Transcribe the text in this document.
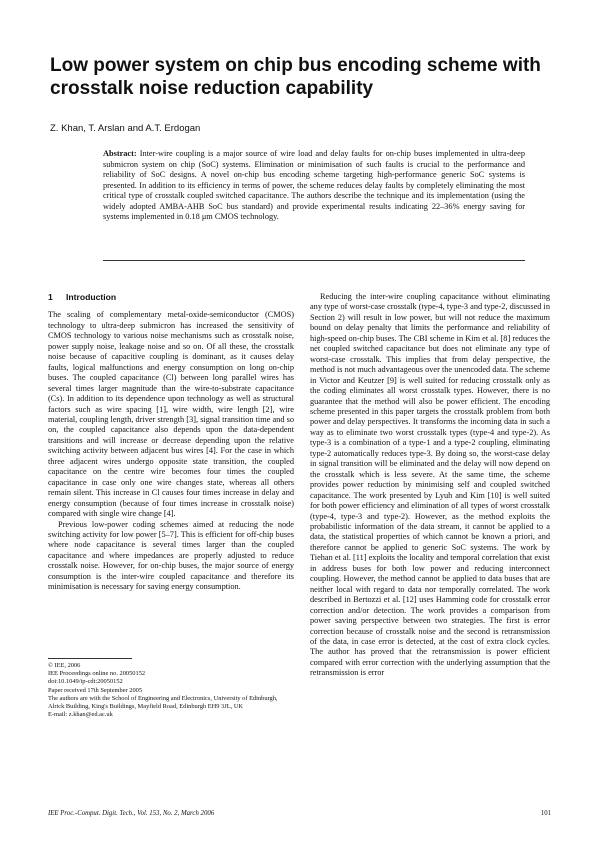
Low power system on chip bus encoding scheme with crosstalk noise reduction capability
Z. Khan, T. Arslan and A.T. Erdogan

Abstract: Inter-wire coupling is a major source of wire load and delay faults for on-chip buses implemented in ultra-deep submicron system on chip (SoC) systems. Elimination or minimisation of such faults is crucial to the performance and reliability of SoC designs. A novel on-chip bus encoding scheme targeting high-performance generic SoC systems is presented. In addition to its efficiency in terms of power, the scheme reduces delay faults by completely eliminating the most critical type of crosstalk coupled switched capacitance. The authors describe the technique and its implementation (using the widely adopted AMBA-AHB SoC bus standard) and provide experimental results indicating 22–36% energy saving for systems implemented in 0.18 μm CMOS technology.

1 Introduction

The scaling of complementary metal-oxide-semiconductor (CMOS) technology to ultra-deep submicron has increased the sensitivity of CMOS technology to various noise mechanisms such as crosstalk noise, power supply noise, leakage noise and so on. Of all these, the crosstalk noise because of capacitive coupling is dominant, as it causes delay faults, logical malfunctions and energy consumption on long on-chip buses. The coupled capacitance (Cl) between long parallel wires has several times larger magnitude than the wire-to-substrate capacitance (Cs). In addition to its dependence upon technology as well as structural factors such as wire spacing [1], wire width, wire length [2], wire material, coupling length, driver strength [3], signal transition time and so on, the coupled capacitance also depends upon the data-dependent transitions and will increase or decrease depending upon the relative switching activity between adjacent bus wires [4]. For the case in which three adjacent wires undergo opposite state transition, the coupled capacitance on the centre wire becomes four times the coupled capacitance in case only one wire changes state, whereas all others remain silent. This increase in Cl causes four times increase in delay and energy consumption (because of four times increase in crosstalk noise) compared with single wire change [4].

Previous low-power coding schemes aimed at reducing the node switching activity for low power [5–7]. This is efficient for off-chip buses where node capacitance is several times larger than the coupled capacitance and where impedances are properly adjusted to reduce crosstalk noise. However, for on-chip buses, the major source of energy consumption is the inter-wire coupled capacitance and therefore its minimisation is necessary for saving energy consumption.

Reducing the inter-wire coupling capacitance without eliminating any type of worst-case crosstalk (type-4, type-3 and type-2, discussed in Section 2) will result in low power, but will not reduce the maximum bound on delay penalty that limits the performance and reliability of high-speed on-chip buses. The CBI scheme in Kim et al. [8] reduces the net coupled switched capacitance but does not eliminate any type of worst-case crosstalk. This implies that from delay perspective, the method is not much advantageous over the unencoded data. The scheme in Victor and Keutzer [9] is well suited for reducing crosstalk only as the coding eliminates all worst crosstalk types. However, there is no guarantee that the method will also be power efficient. The encoding scheme presented in this paper targets the crosstalk problem from both power and delay perspectives. It transforms the incoming data in such a way as to eliminate two worst crosstalk types (type-4 and type-2). As type-3 is a combination of a type-1 and a type-2 coupling, eliminating type-2 automatically reduces type-3. By doing so, the worst-case delay in signal transition will be eliminated and the delay will now depend on the crosstalk which is less severe. At the same time, the scheme provides power reduction by minimising self and coupled switched capacitance. The work presented by Lyuh and Kim [10] is well suited for both power efficiency and elimination of all types of worst crosstalk (type-4, type-3 and type-2). However, as the method exploits the probabilistic information of the data stream, it cannot be applied to a data, the statistical properties of which cannot be known a priori, and therefore cannot be applied to generic SoC systems. The work by Tiehan et al. [11] exploits the locality and temporal correlation that exist in address buses for both low power and reducing interconnect coupling. However, the method cannot be applied to data buses that are neither local with regard to data nor temporally correlated. The work described in Bertozzi et al. [12] uses Hamming code for crosstalk error correction and/or detection. The work provides a comparison from power saving perspective between two strategies. The first is error correction because of crosstalk noise and the second is retransmission of the data, in case error is detected, at the cost of extra clock cycles. The author has proved that the retransmission is power efficient compared with error correction with the underlying assumption that the retransmission is error

© IEE, 2006
IEE Proceedings online no. 20050152
doi:10.1049/ip-cdt:20050152
Paper received 17th September 2005
The authors are with the School of Engineering and Electronics, University of Edinburgh, Alrick Building, King's Buildings, Mayfield Road, Edinburgh EH9 3JL, UK
E-mail: z.khan@ed.ac.uk
IEE Proc.-Comput. Digit. Tech., Vol. 153, No. 2, March 2006	101
